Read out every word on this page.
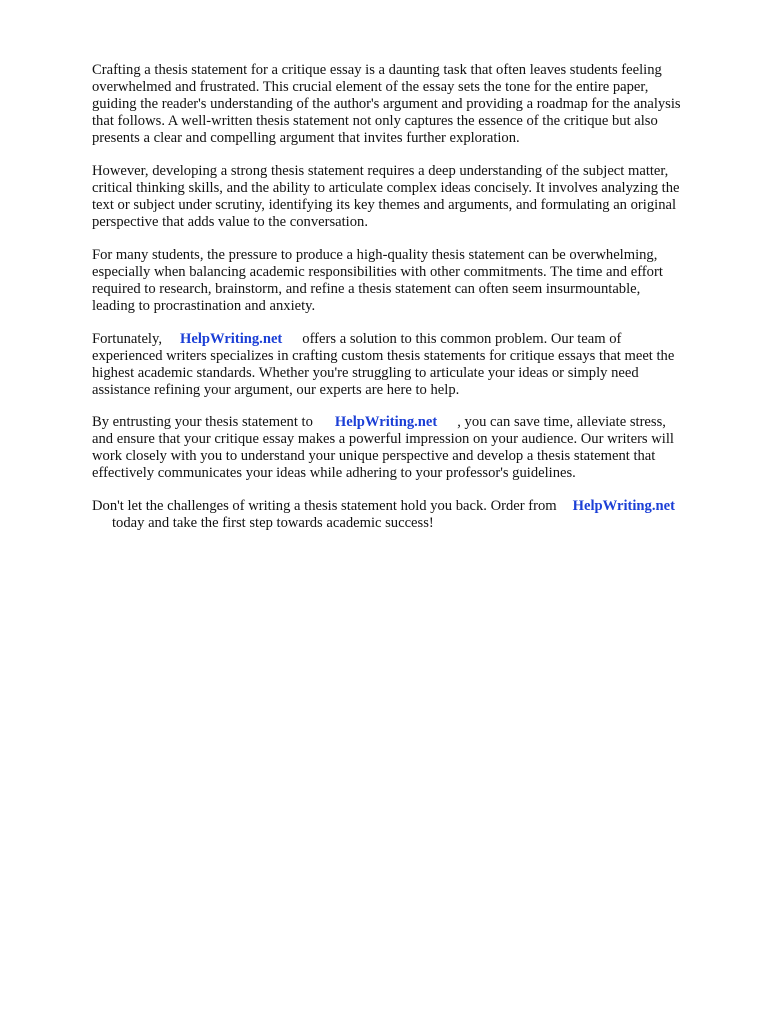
Crafting a thesis statement for a critique essay is a daunting task that often leaves students feeling
overwhelmed and frustrated. This crucial element of the essay sets the tone for the entire paper,
guiding the reader's understanding of the author's argument and providing a roadmap for the analysis
that follows. A well-written thesis statement not only captures the essence of the critique but also
presents a clear and compelling argument that invites further exploration.

However, developing a strong thesis statement requires a deep understanding of the subject matter,
critical thinking skills, and the ability to articulate complex ideas concisely. It involves analyzing the
text or subject under scrutiny, identifying its key themes and arguments, and formulating an original
perspective that adds value to the conversation.

For many students, the pressure to produce a high-quality thesis statement can be overwhelming,
especially when balancing academic responsibilities with other commitments. The time and effort
required to research, brainstorm, and refine a thesis statement can often seem insurmountable,
leading to procrastination and anxiety.

Fortunately, HelpWriting.net offers a solution to this common problem. Our team of
experienced writers specializes in crafting custom thesis statements for critique essays that meet the
highest academic standards. Whether you're struggling to articulate your ideas or simply need
assistance refining your argument, our experts are here to help.

By entrusting your thesis statement to HelpWriting.net , you can save time, alleviate stress,
and ensure that your critique essay makes a powerful impression on your audience. Our writers will
work closely with you to understand your unique perspective and develop a thesis statement that
effectively communicates your ideas while adhering to your professor's guidelines.

Don't let the challenges of writing a thesis statement hold you back. Order from HelpWriting.net
today and take the first step towards academic success!
